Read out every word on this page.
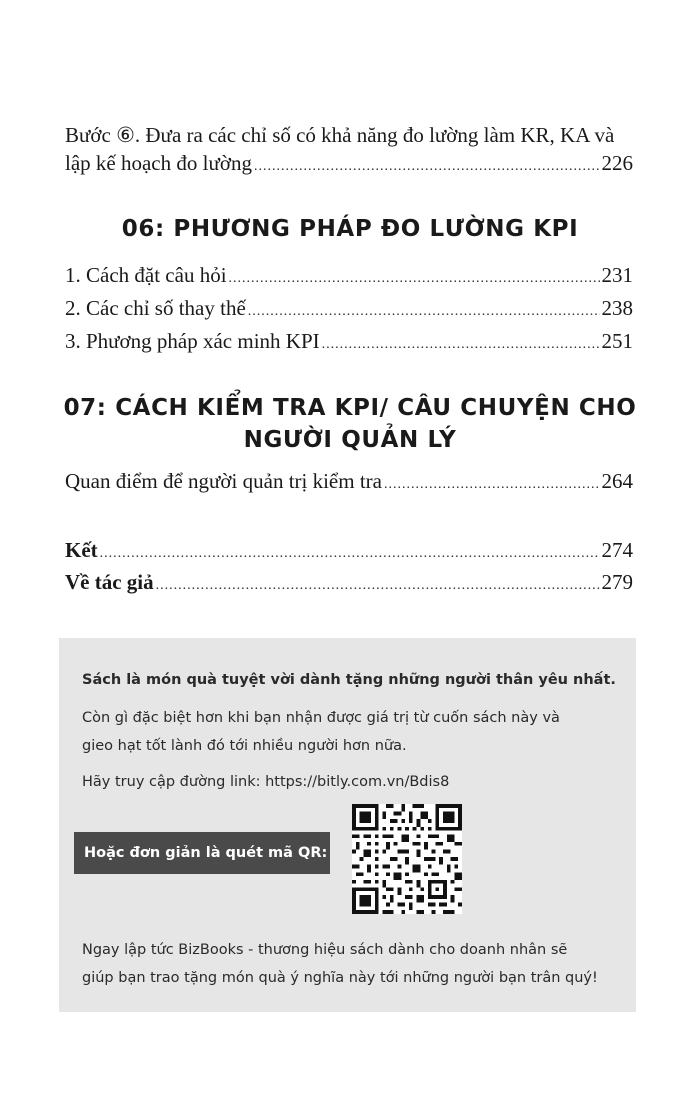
Bước ⑥. Đưa ra các chỉ số có khả năng đo lường làm KR, KA và
lập kế hoạch đo lường .....	226
06: PHƯƠNG PHÁP ĐO LƯỜNG KPI
1. Cách đặt câu hỏi .....	231
2. Các chỉ số thay thế .....	238
3. Phương pháp xác minh KPI .....	251
07: CÁCH KIỂM TRA KPI/ CÂU CHUYỆN CHO
NGƯỜI QUẢN LÝ
Quan điểm để người quản trị kiểm tra .....	264
Kết .....	274
Về tác giả .....	279
Sách là món quà tuyệt vời dành tặng những người thân yêu nhất.
Còn gì đặc biệt hơn khi bạn nhận được giá trị từ cuốn sách này và
gieo hạt tốt lành đó tới nhiều người hơn nữa.
Hãy truy cập đường link: https://bitly.com.vn/Bdis8
Hoặc đơn giản là quét mã QR:
Ngay lập tức BizBooks - thương hiệu sách dành cho doanh nhân sẽ
giúp bạn trao tặng món quà ý nghĩa này tới những người bạn trân quý!
